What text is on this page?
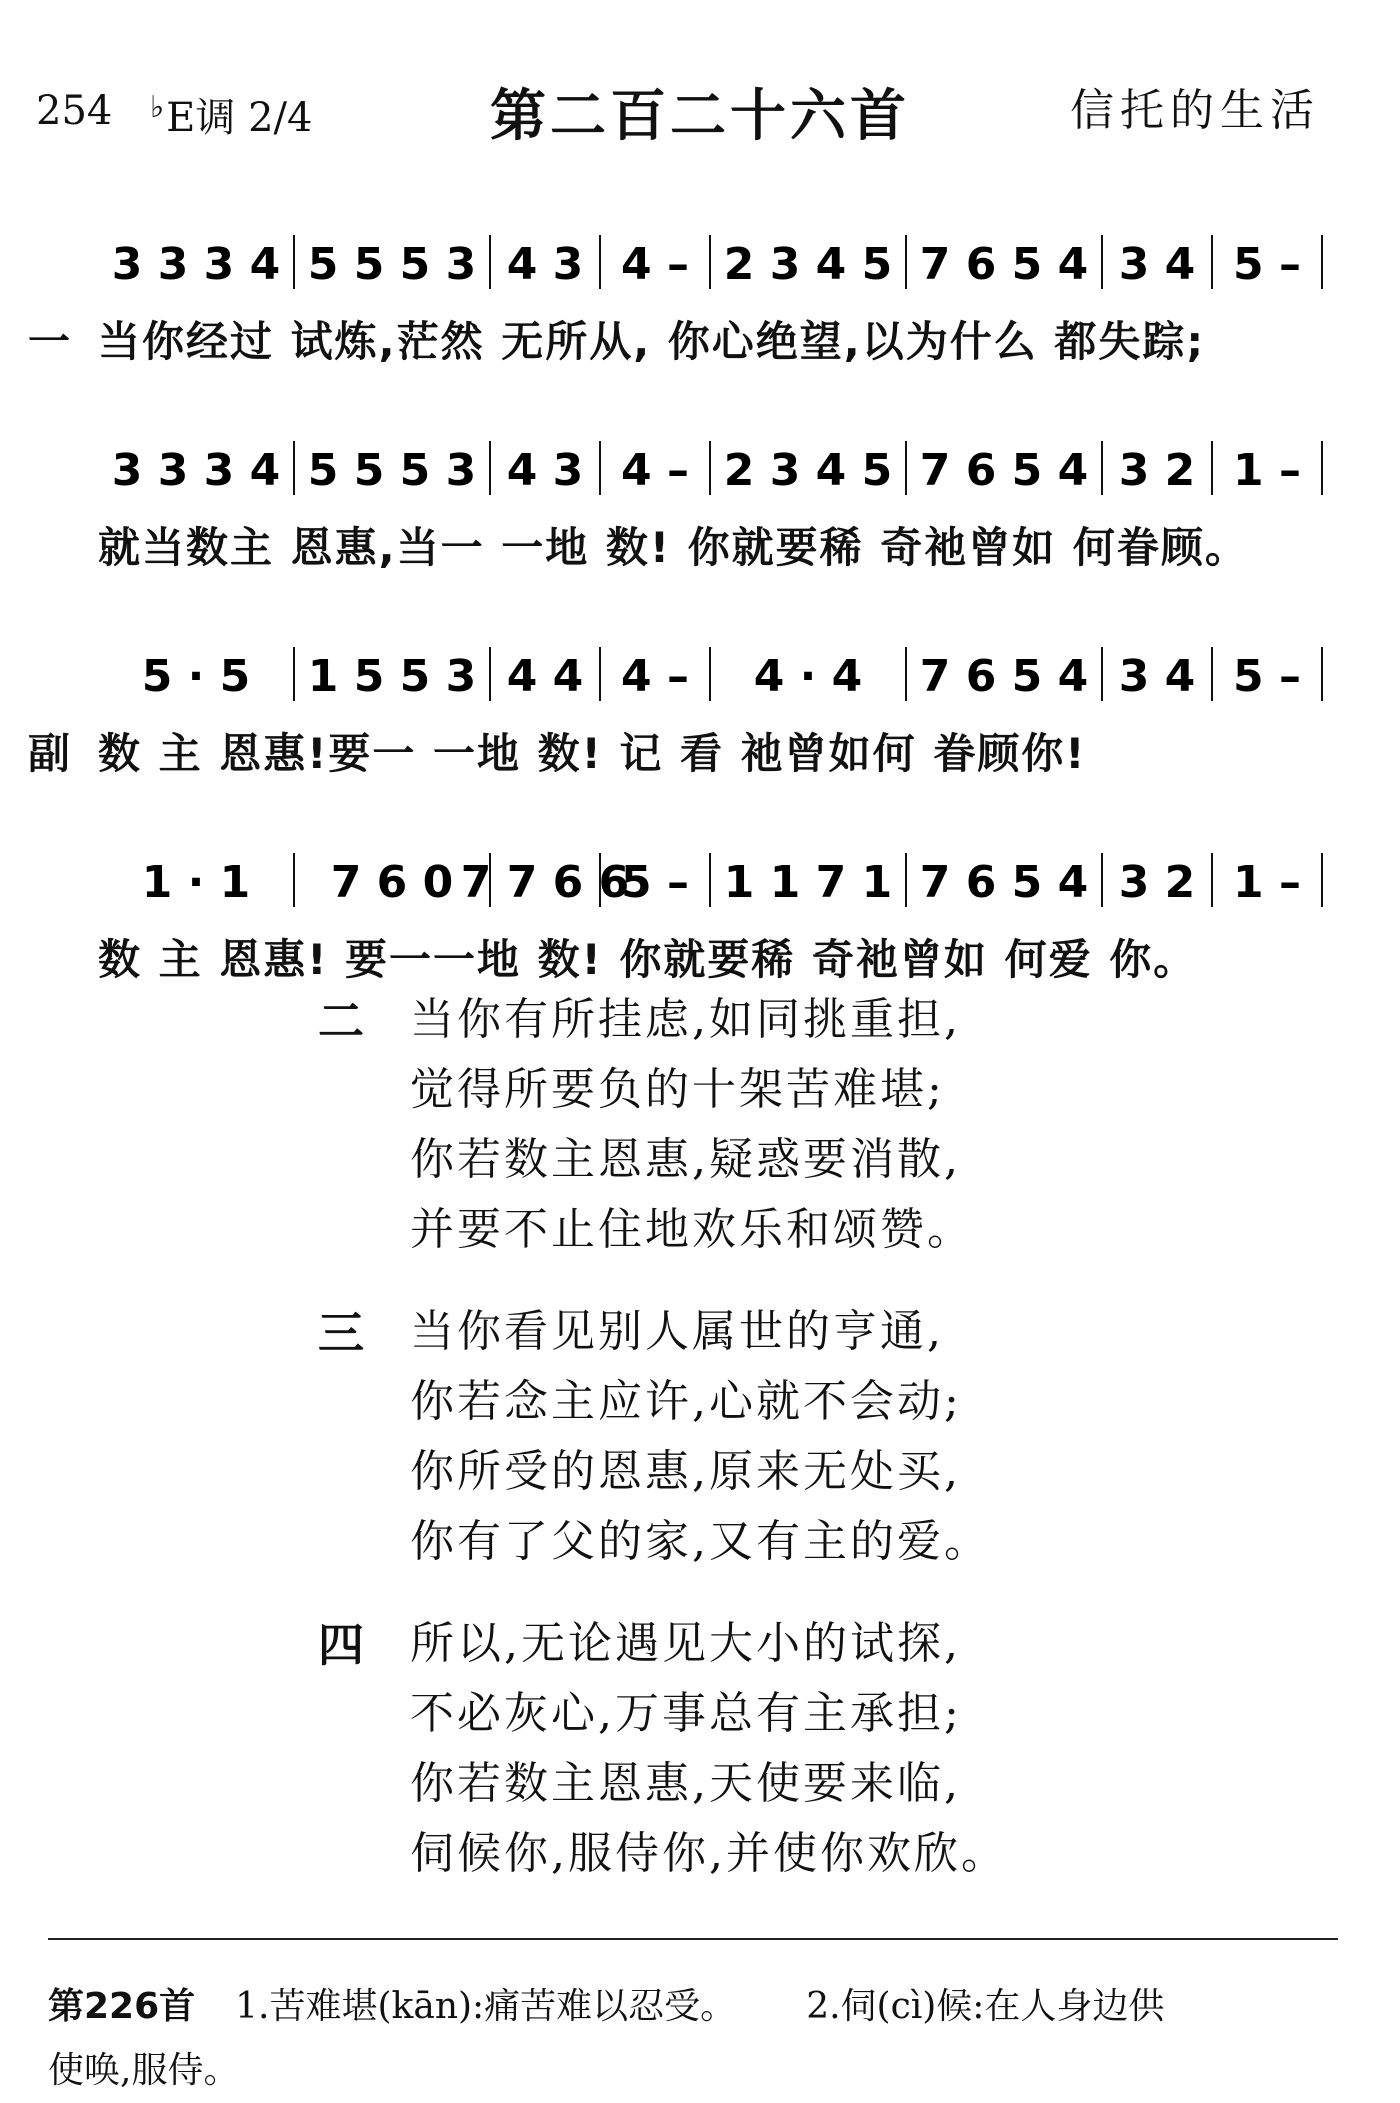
254 ♭E调 2/4	第二百二十六首	信托的生活
3 3 3 4 5 5 5 3 4 3 4 – 2 3 4 5 7 6 5 4 3 4 5 –
一 当你经过 试炼,茫然 无所从, 你心绝望,以为什么 都失踪;
3 3 3 4 5 5 5 3 4 3 4 – 2 3 4 5 7 6 5 4 3 2 1 –
就当数主 恩惠,当一 一地 数! 你就要稀 奇祂曾如 何眷顾。
5 · 5 1 5 5 3 4 4 4 – 4 · 4 7 6 5 4 3 4 5 –
副 数 主 恩惠!要一 一地 数! 记 看 祂曾如何 眷顾你!
1 · 1 7 6 0 7 7 6 6
5 – 1 1 7 1 7 6 5 4 3 2 1 –
数 主 恩惠! 要一一地 数! 你就要稀 奇祂曾如 何爱 你。
二 当你有所挂虑,如同挑重担,
觉得所要负的十架苦难堪;
你若数主恩惠,疑惑要消散,
并要不止住地欢乐和颂赞。
三 当你看见别人属世的亨通,
你若念主应许,心就不会动;
你所受的恩惠,原来无处买,
你有了父的家,又有主的爱。
四 所以,无论遇见大小的试探,
不必灰心,万事总有主承担;
你若数主恩惠,天使要来临,
伺候你,服侍你,并使你欢欣。
第226首 1.苦难堪(kān):痛苦难以忍受。 2.伺(cì)候:在人身边供
使唤,服侍。
